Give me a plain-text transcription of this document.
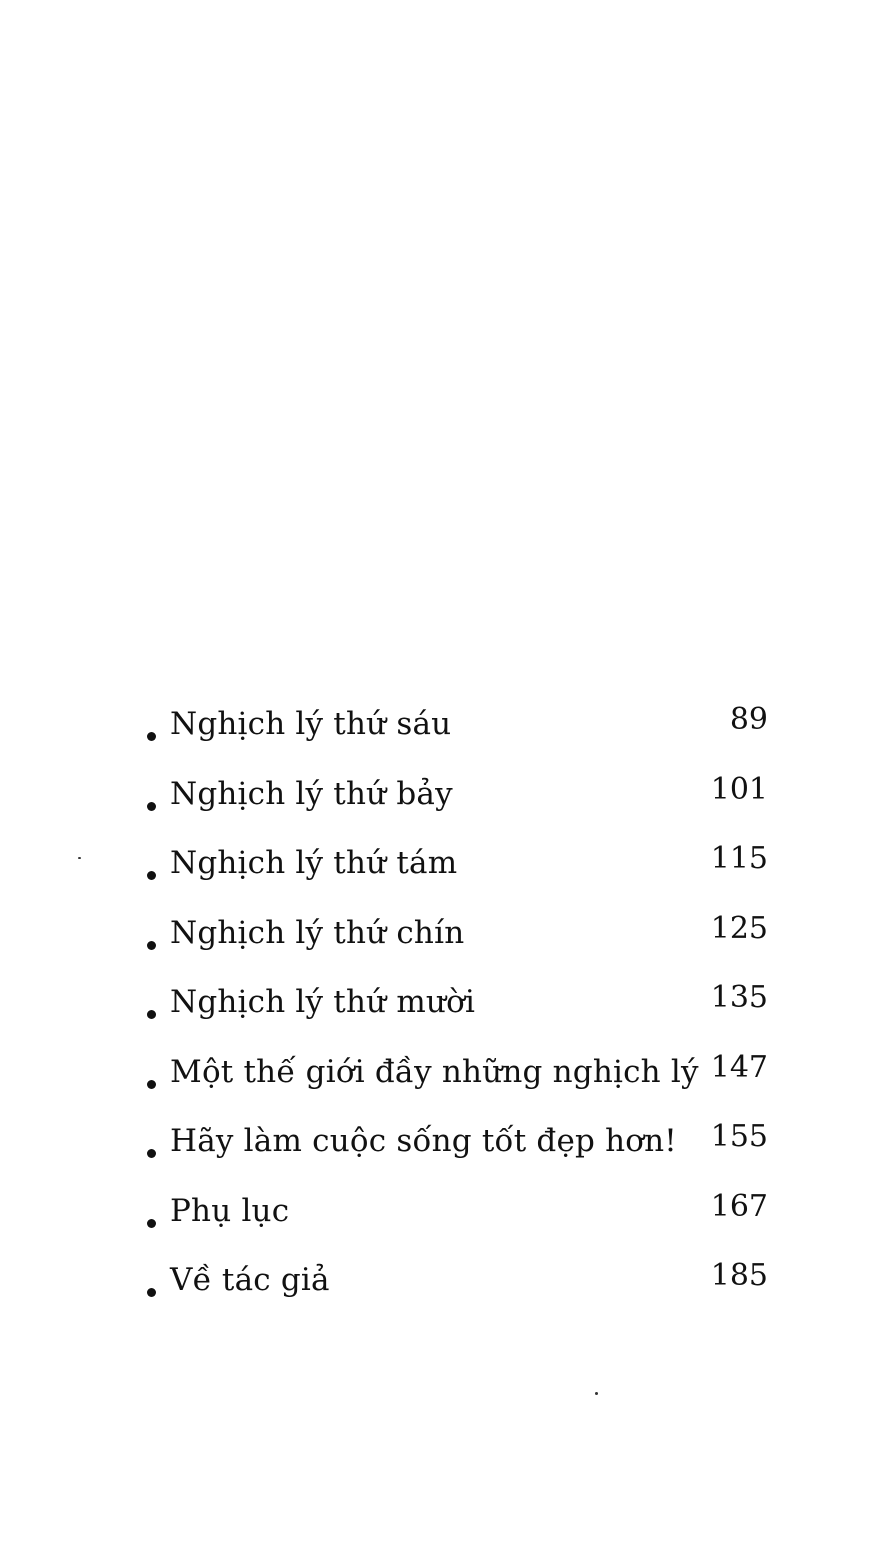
Nghịch lý thứ sáu	89
Nghịch lý thứ bảy	101
Nghịch lý thứ tám	115
Nghịch lý thứ chín	125
Nghịch lý thứ mười	135
Một thế giới đầy những nghịch lý 147
Hãy làm cuộc sống tốt đẹp hơn!	155
Phụ lục	167
Về tác giả	185
